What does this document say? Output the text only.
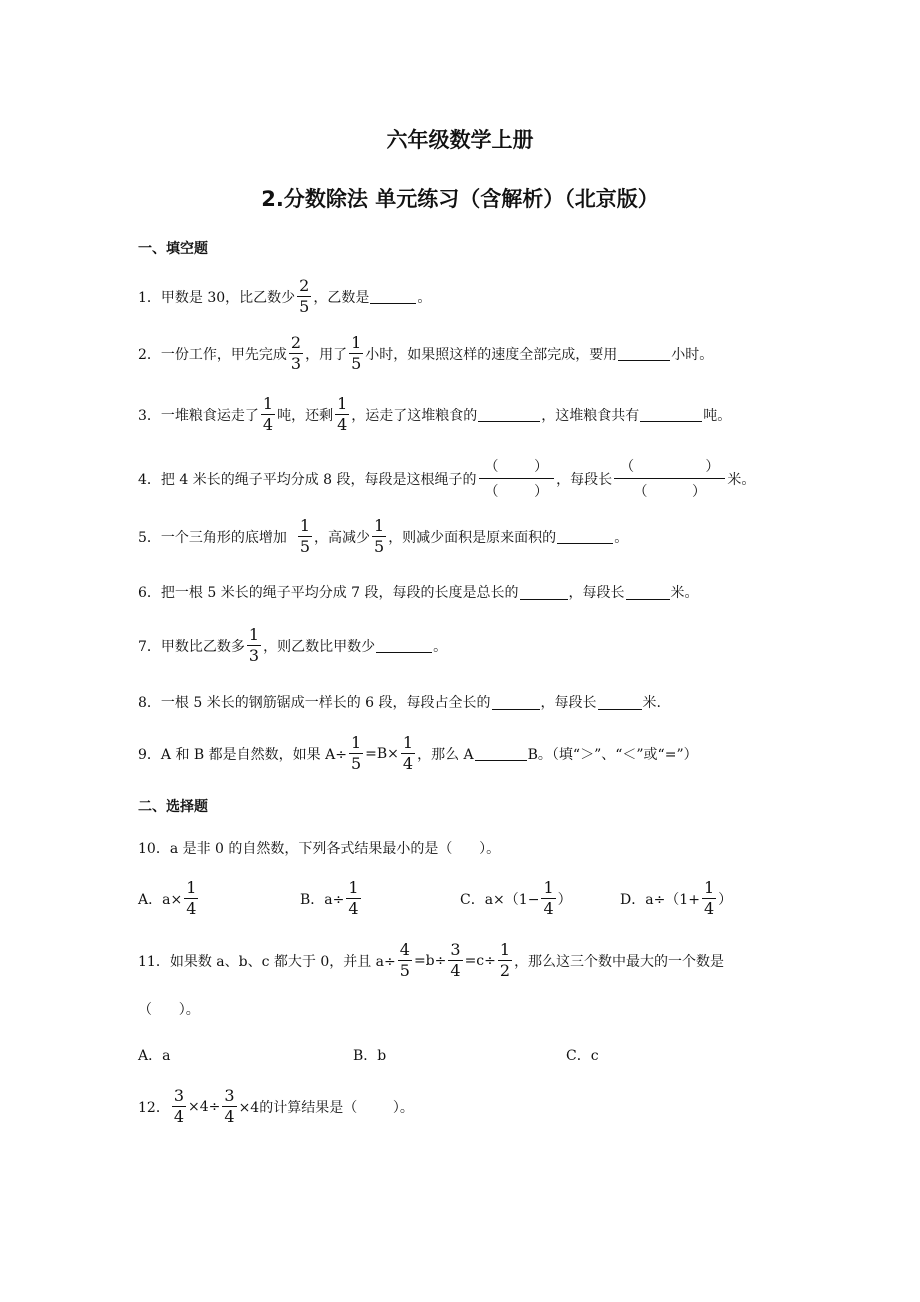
六年级数学上册
2.分数除法 单元练习（含解析）（北京版）
一、填空题
1．甲数是 30，比乙数少 $\frac{2}{5}$ ，乙数是	。
2．一份工作，甲先完成 $\frac{2}{3}$ ，用了 $\frac{1}{5}$ 小时，如果照这样的速度全部完成，要用	小时。
3．一堆粮食运走了 $\frac{1}{4}$ 吨，还剩 $\frac{1}{4}$ ，运走了这堆粮食的	，这堆粮食共有	吨。
4．把 4 米长的绳子平均分成 8 段，每段是这根绳子的 $\frac{( )}{( )}$ ，每段长 $\frac{( )}{( )}$ 米。
5．一个三角形的底增加 $\frac{1}{5}$ ，高减少 $\frac{1}{5}$ ，则减少面积是原来面积的	。
6．把一根 5 米长的绳子平均分成 7 段，每段的长度是总长的	，每段长	米。
7．甲数比乙数多 $\frac{1}{3}$ ，则乙数比甲数少	。
8．一根 5 米长的钢筋锯成一样长的 6 段，每段占全长的	，每段长	米.
9．A 和 B 都是自然数，如果 $A\div \frac{1}{5} =B\times \frac{1}{4}$ ，那么 A	B。（填“＞”、“＜”或“=”）
二、选择题
10．a 是非 0 的自然数，下列各式结果最小的是（      ）。
A．$a\times \frac{1}{4}$	B．$a\div \frac{1}{4}$	C．$a\times(1- \frac{1}{4}$ ）	D．$a\div(1+ \frac{1}{4}$ ）
11．如果数 a、b、c 都大于 0，并且 $a\div \frac{4}{5} =b\div \frac{3}{4} =c\div \frac{1}{2}$ ，那么这三个数中最大的一个数是
（      ）。
A．a	B．b	C．c
12． $\frac{3}{4} \times 4\div \frac{3}{4} \times 4$的计算结果是（        ）。
